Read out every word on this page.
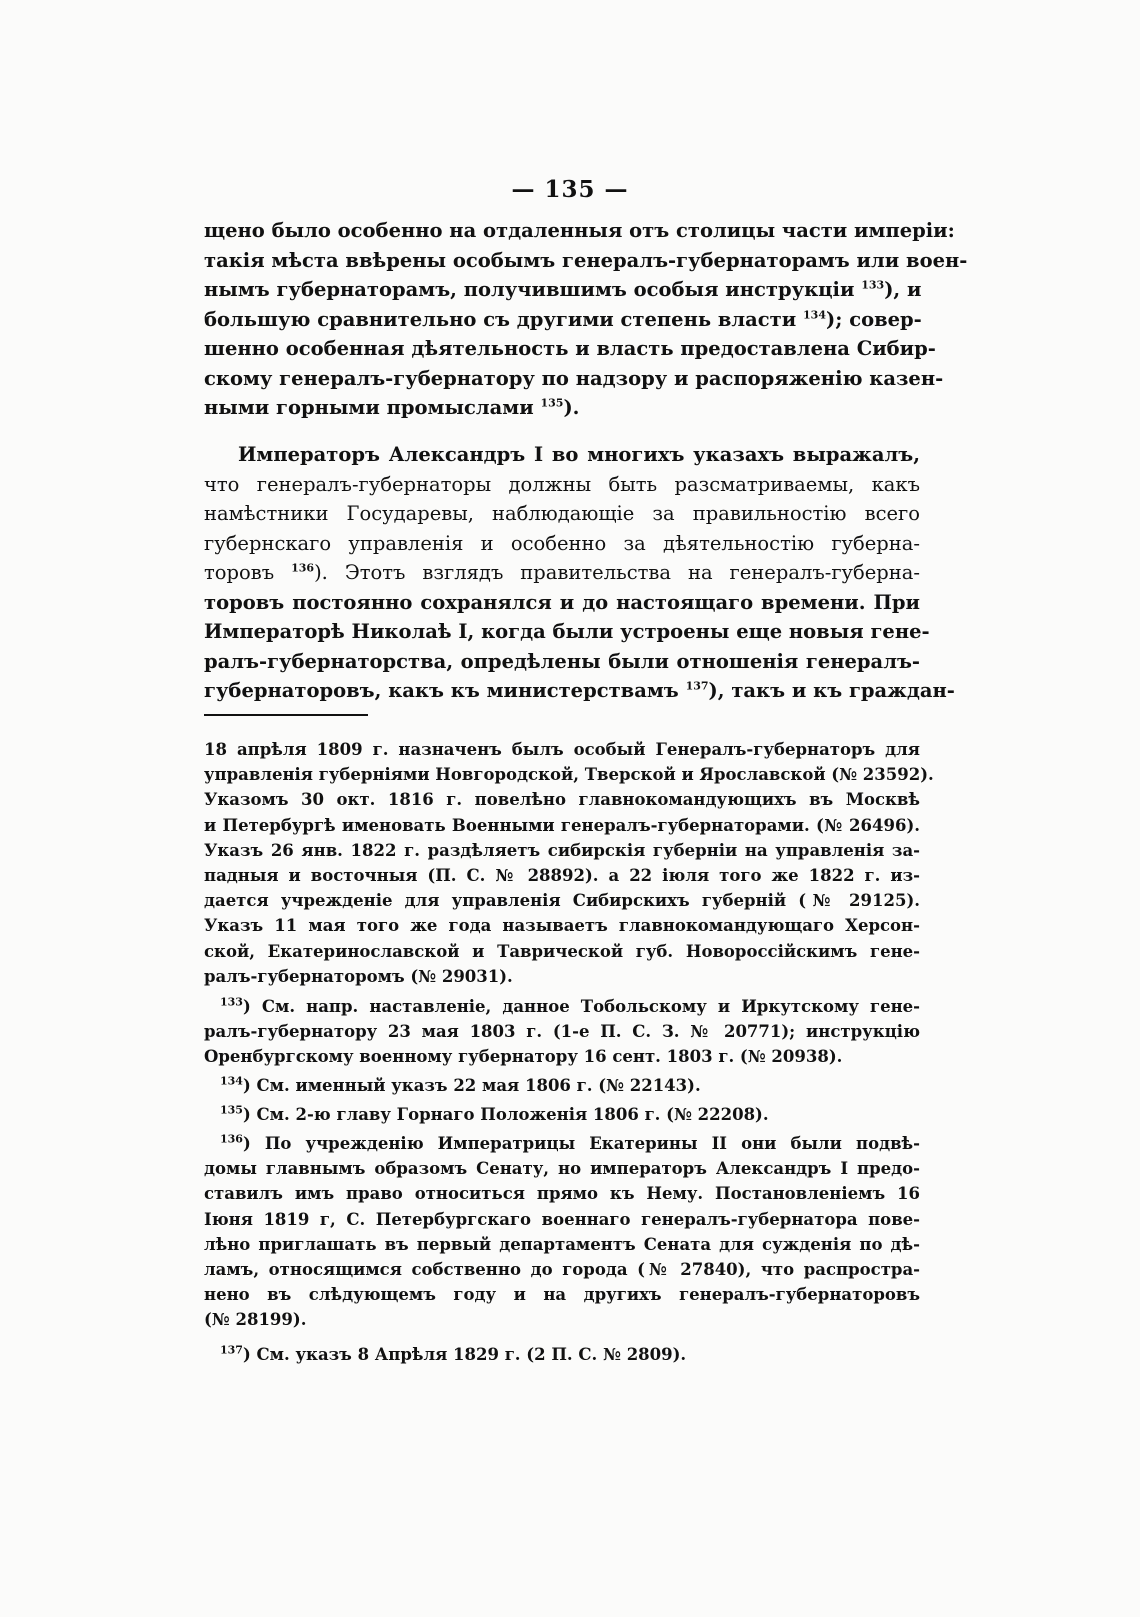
— 135 —
щено было особенно на отдаленныя отъ столицы части имперіи:
такія мѣста ввѣрены особымъ генералъ-губернаторамъ или воен-
нымъ губернаторамъ, получившимъ особыя инструкціи $^{133}$), и
большую сравнительно съ другими степень власти $^{134}$); совер-
шенно особенная дѣятельность и власть предоставлена Сибир-
скому генералъ-губернатору по надзору и распоряженію казен-
ными горными промыслами $^{135}$).
Императоръ Александръ I во многихъ указахъ выражалъ,
что генералъ-губернаторы должны быть разсматриваемы, какъ
намѣстники Государевы, наблюдающіе за правильностію всего
губернскаго управленія и особенно за дѣятельностію губерна-
торовъ $^{136}$). Этотъ взглядъ правительства на генералъ-губерна-
торовъ постоянно сохранялся и до настоящаго времени. При
Императорѣ Николаѣ I, когда были устроены еще новыя гене-
ралъ-губернаторства, опредѣлены были отношенія генералъ-
губернаторовъ, какъ къ министерствамъ $^{137}$), такъ и къ граждан-
18 апрѣля 1809 г. назначенъ былъ особый Генералъ-губернаторъ для
управленія губерніями Новгородской, Тверской и Ярославской (№ 23592).
Указомъ 30 окт. 1816 г. повелѣно главнокомандующихъ въ Москвѣ
и Петербургѣ именовать Военными генералъ-губернаторами. (№ 26496).
Указъ 26 янв. 1822 г. раздѣляетъ сибирскія губерніи на управленія за-
падныя и восточныя (П. С. № 28892). а 22 іюля того же 1822 г. из-
дается учрежденіе для управленія Сибирскихъ губерній (№ 29125).
Указъ 11 мая того же года называетъ главнокомандующаго Херсон-
ской, Екатеринославской и Таврической губ. Новороссійскимъ гене-
ралъ-губернаторомъ (№ 29031).
$^{133}$) См. напр. наставленіе, данное Тобольскому и Иркутскому гене-
ралъ-губернатору 23 мая 1803 г. (1-е П. С. З. № 20771); инструкцію
Оренбургскому военному губернатору 16 сент. 1803 г. (№ 20938).
$^{134}$) См. именный указъ 22 мая 1806 г. (№ 22143).
$^{135}$) См. 2-ю главу Горнаго Положенія 1806 г. (№ 22208).
$^{136}$) По учрежденію Императрицы Екатерины II они были подвѣ-
домы главнымъ образомъ Сенату, но императоръ Александръ I предо-
ставилъ имъ право относиться прямо къ Нему. Постановленіемъ 16
Іюня 1819 г, С. Петербургскаго военнаго генералъ-губернатора пове-
лѣно приглашать въ первый департаментъ Сената для сужденія по дѣ-
ламъ, относящимся собственно до города (№ 27840), что распростра-
нено въ слѣдующемъ году и на другихъ генералъ-губернаторовъ
(№ 28199).
$^{137}$) См. указъ 8 Апрѣля 1829 г. (2 П. С. № 2809).
